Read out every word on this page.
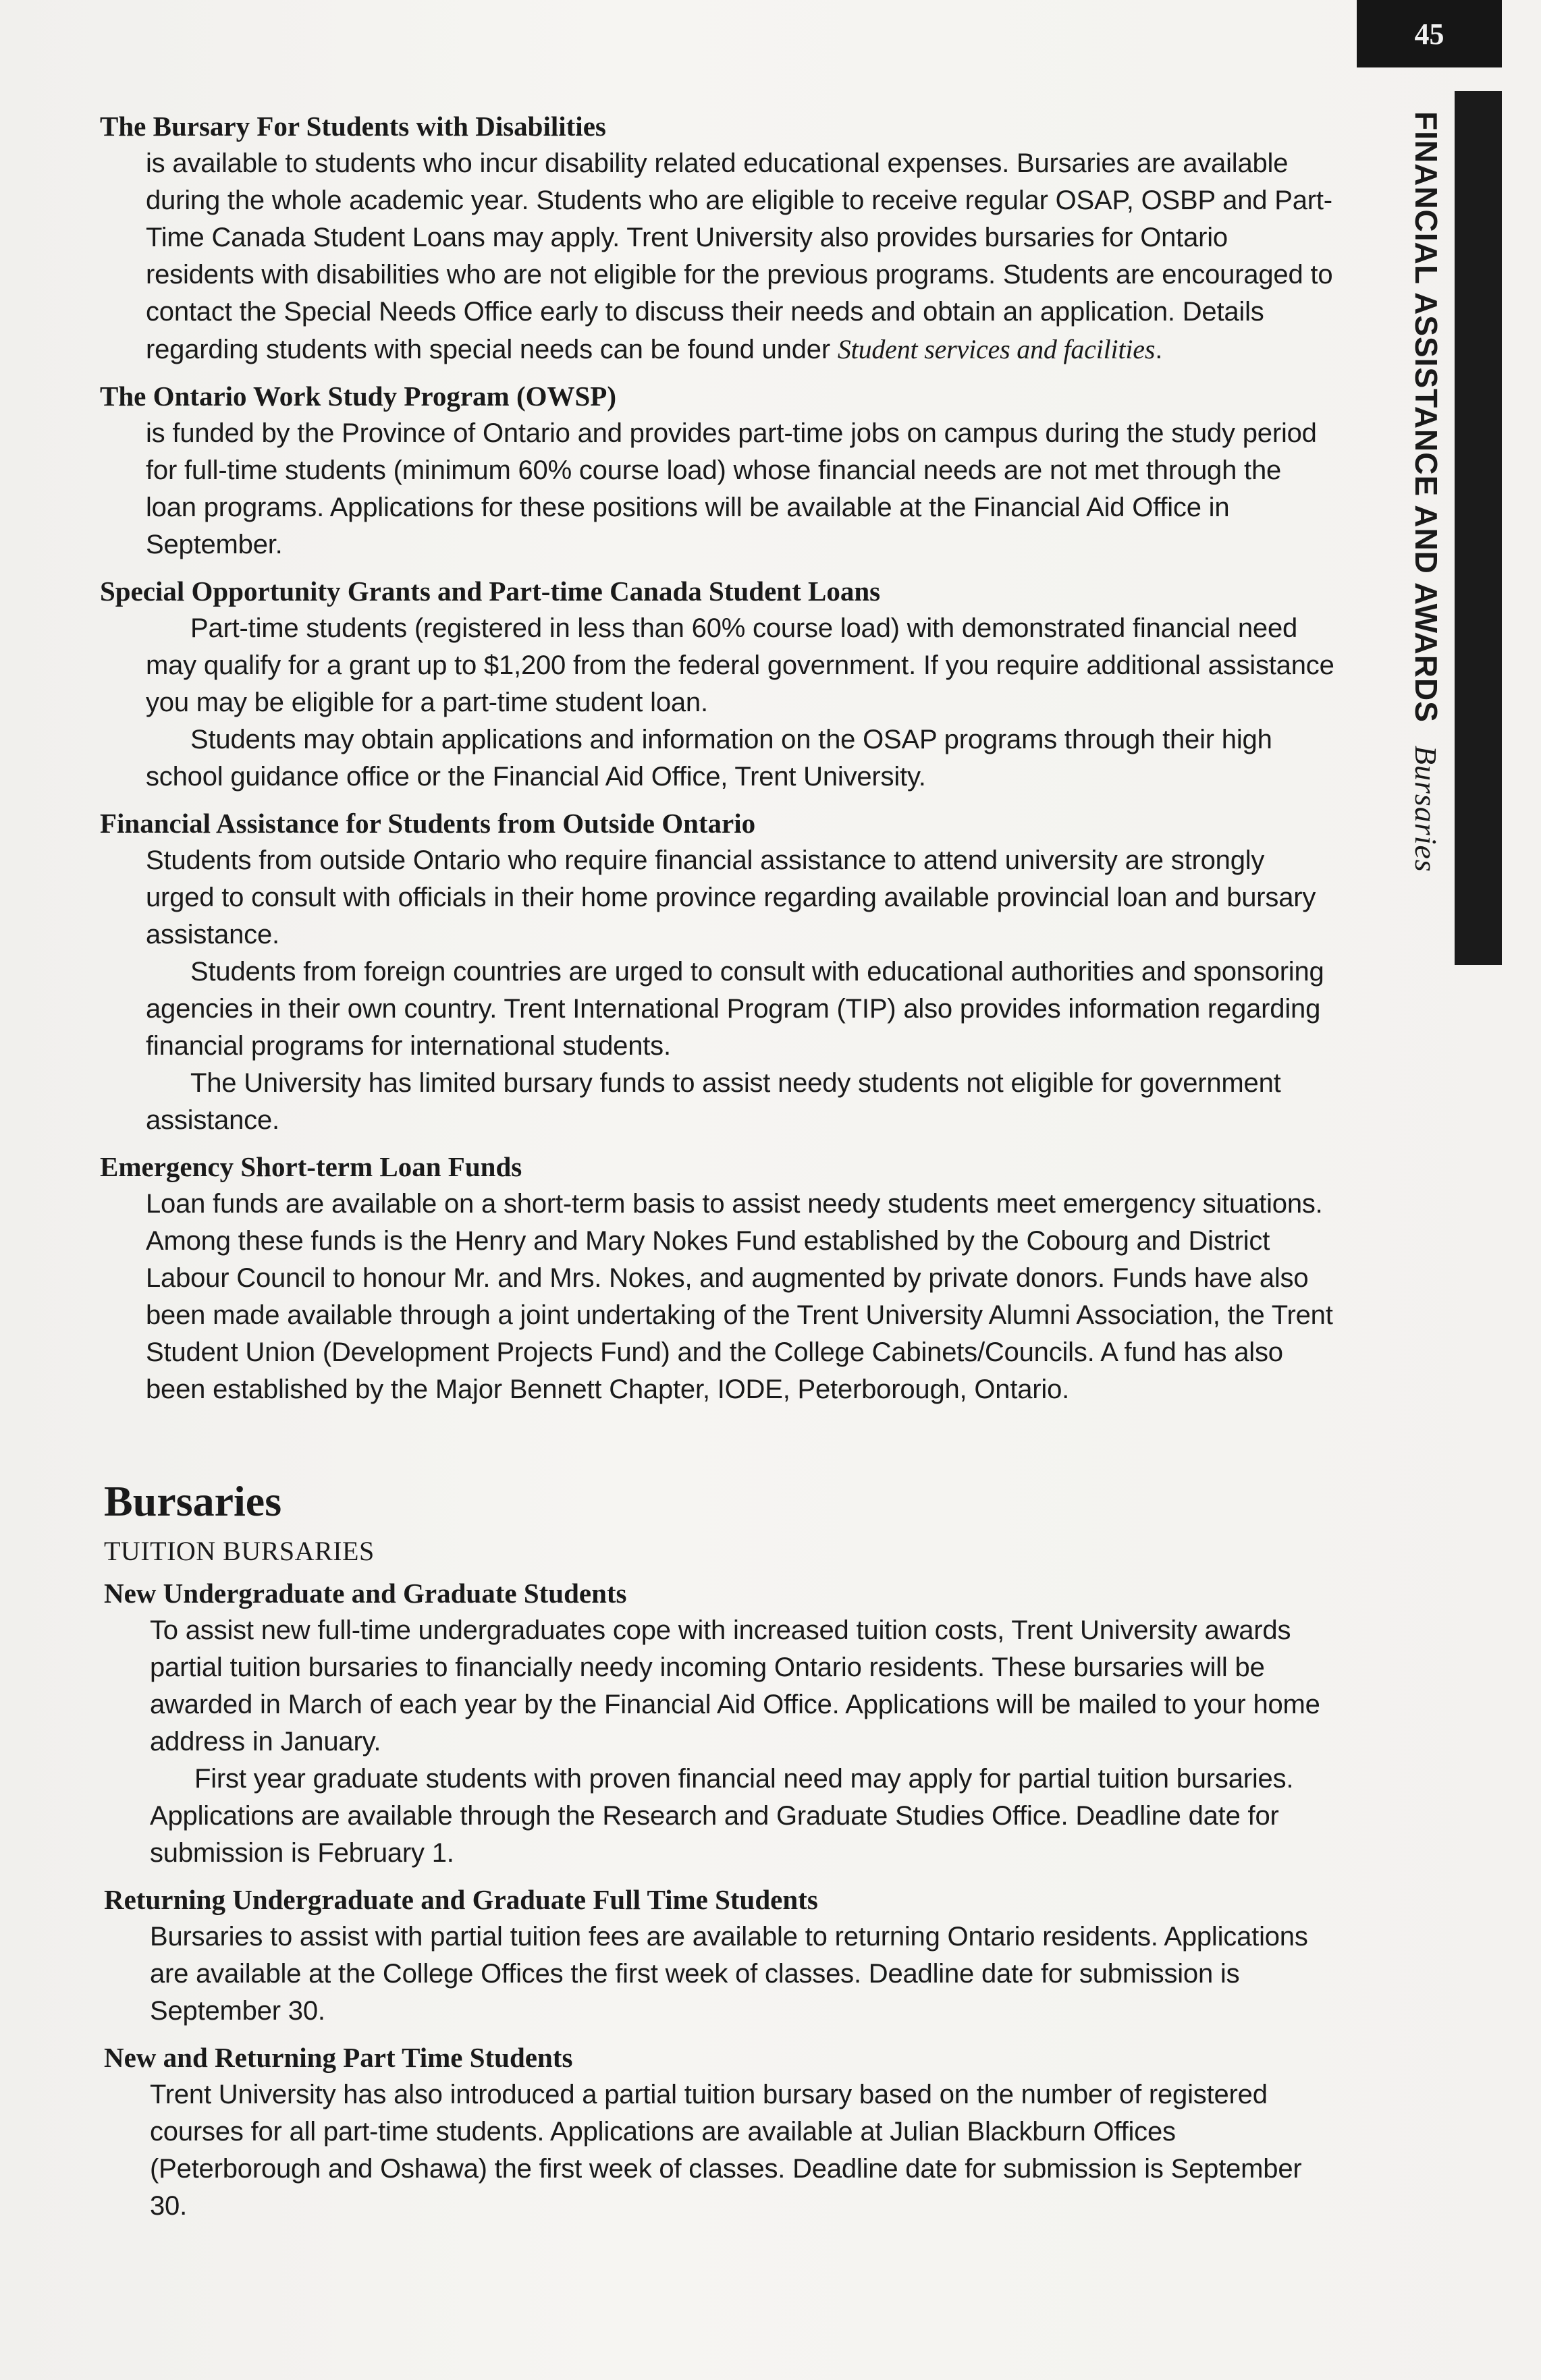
45
FINANCIAL ASSISTANCE AND AWARDSBursaries
The Bursary For Students with Disabilities

is available to students who incur disability related educational expenses. Bursaries are available during the whole academic year. Students who are eligible to receive regular OSAP, OSBP and Part-Time Canada Student Loans may apply. Trent University also provides bursaries for Ontario residents with disabilities who are not eligible for the previous programs. Students are encouraged to contact the Special Needs Office early to discuss their needs and obtain an application. Details regarding students with special needs can be found under Student services and facilities.

The Ontario Work Study Program (OWSP)

is funded by the Province of Ontario and provides part-time jobs on campus during the study period for full-time students (minimum 60% course load) whose financial needs are not met through the loan programs. Applications for these positions will be available at the Financial Aid Office in September.

Special Opportunity Grants and Part-time Canada Student Loans

Part-time students (registered in less than 60% course load) with demonstrated financial need may qualify for a grant up to $1,200 from the federal government. If you require additional assistance you may be eligible for a part-time student loan.

Students may obtain applications and information on the OSAP programs through their high school guidance office or the Financial Aid Office, Trent University.

Financial Assistance for Students from Outside Ontario

Students from outside Ontario who require financial assistance to attend university are strongly urged to consult with officials in their home province regarding available provincial loan and bursary assistance.

Students from foreign countries are urged to consult with educational authorities and sponsoring agencies in their own country. Trent International Program (TIP) also provides information regarding financial programs for international students.

The University has limited bursary funds to assist needy students not eligible for government assistance.

Emergency Short-term Loan Funds

Loan funds are available on a short-term basis to assist needy students meet emergency situations. Among these funds is the Henry and Mary Nokes Fund established by the Cobourg and District Labour Council to honour Mr. and Mrs. Nokes, and augmented by private donors. Funds have also been made available through a joint undertaking of the Trent University Alumni Association, the Trent Student Union (Development Projects Fund) and the College Cabinets/Councils. A fund has also been established by the Major Bennett Chapter, IODE, Peterborough, Ontario.

Bursaries
TUITION BURSARIES
New Undergraduate and Graduate Students

To assist new full-time undergraduates cope with increased tuition costs, Trent University awards partial tuition bursaries to financially needy incoming Ontario residents. These bursaries will be awarded in March of each year by the Financial Aid Office. Applications will be mailed to your home address in January.

First year graduate students with proven financial need may apply for partial tuition bursaries. Applications are available through the Research and Graduate Studies Office. Deadline date for submission is February 1.

Returning Undergraduate and Graduate Full Time Students

Bursaries to assist with partial tuition fees are available to returning Ontario residents. Applications are available at the College Offices the first week of classes. Deadline date for submission is September 30.

New and Returning Part Time Students

Trent University has also introduced a partial tuition bursary based on the number of registered courses for all part-time students. Applications are available at Julian Blackburn Offices (Peterborough and Oshawa) the first week of classes. Deadline date for submission is September 30.
